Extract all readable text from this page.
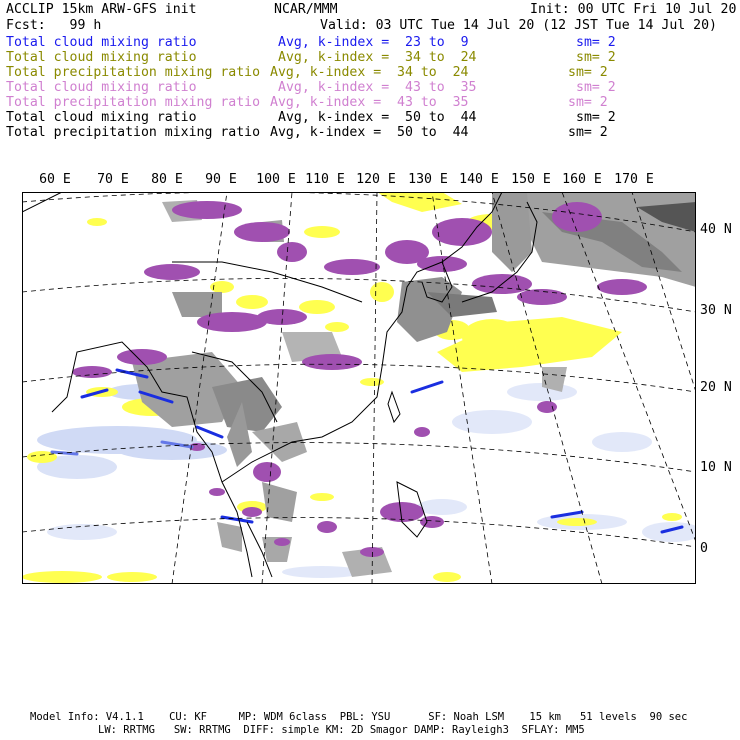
ACCLIP 15km ARW-GFS init	NCAR/MMM	Init: 00 UTC Fri 10 Jul 20
Fcst:   99 h	Valid: 03 UTC Tue 14 Jul 20 (12 JST Tue 14 Jul 20)
Total cloud mixing ratio	Avg, k-index =  23 to  9	sm= 2
Total cloud mixing ratio	Avg, k-index =  34 to  24	sm= 2
Total precipitation mixing ratio Avg, k-index =  34 to  24	sm= 2
Total cloud mixing ratio	Avg, k-index =  43 to  35	sm= 2
Total precipitation mixing ratio Avg, k-index =  43 to  35	sm= 2
Total cloud mixing ratio	Avg, k-index =  50 to  44	sm= 2
Total precipitation mixing ratio Avg, k-index =  50 to  44	sm= 2
60 E 70 E 80 E 90 E 100 E 110 E 120 E 130 E 140 E 150 E 160 E 170 E
40 N
30 N
20 N
10 N
0
Model Info: V4.1.1    CU: KF     MP: WDM 6class  PBL: YSU      SF: Noah LSM    15 km   51 levels  90 sec
LW: RRTMG   SW: RRTMG  DIFF: simple KM: 2D Smagor DAMP: Rayleigh3  SFLAY: MM5
